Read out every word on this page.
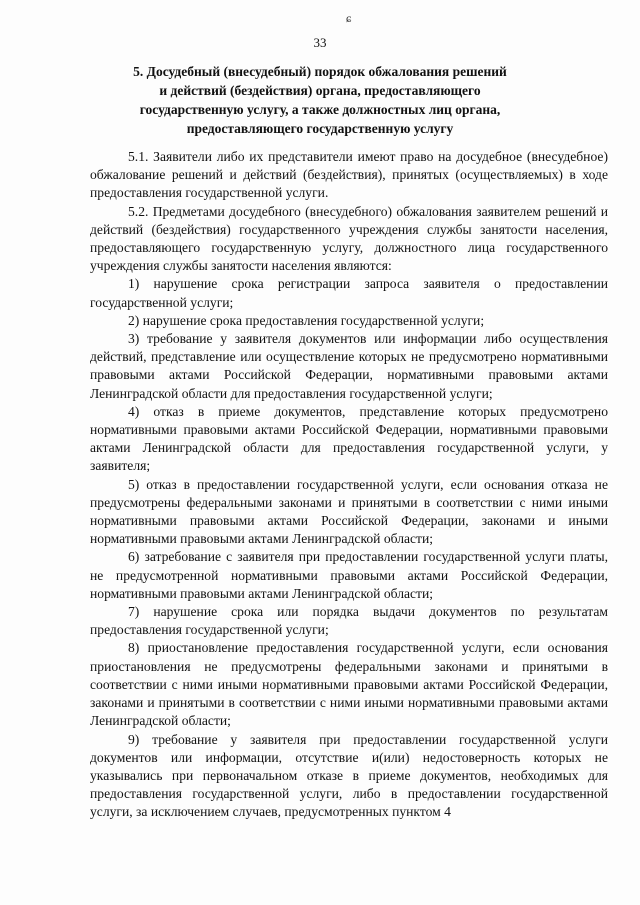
ɕ
33
5. Досудебный (внесудебный) порядок обжалования решений
и действий (бездействия) органа, предоставляющего
государственную услугу, а также должностных лиц органа,
предоставляющего государственную услугу

5.1. Заявители либо их представители имеют право на досудебное (внесудебное) обжалование решений и действий (бездействия), принятых (осуществляемых) в ходе предоставления государственной услуги.

5.2. Предметами досудебного (внесудебного) обжалования заявителем решений и действий (бездействия) государственного учреждения службы занятости населения, предоставляющего государственную услугу, должностного лица государственного учреждения службы занятости населения являются:

1) нарушение срока регистрации запроса заявителя о предоставлении государственной услуги;

2) нарушение срока предоставления государственной услуги;

3) требование у заявителя документов или информации либо осуществления действий, представление или осуществление которых не предусмотрено нормативными правовыми актами Российской Федерации, нормативными правовыми актами Ленинградской области для предоставления государственной услуги;

4) отказ в приеме документов, представление которых предусмотрено нормативными правовыми актами Российской Федерации, нормативными правовыми актами Ленинградской области для предоставления государственной услуги, у заявителя;

5) отказ в предоставлении государственной услуги, если основания отказа не предусмотрены федеральными законами и принятыми в соответствии с ними иными нормативными правовыми актами Российской Федерации, законами и иными нормативными правовыми актами Ленинградской области;

6) затребование с заявителя при предоставлении государственной услуги платы, не предусмотренной нормативными правовыми актами Российской Федерации, нормативными правовыми актами Ленинградской области;

7) нарушение срока или порядка выдачи документов по результатам предоставления государственной услуги;

8) приостановление предоставления государственной услуги, если основания приостановления не предусмотрены федеральными законами и принятыми в соответствии с ними иными нормативными правовыми актами Российской Федерации, законами и принятыми в соответствии с ними иными нормативными правовыми актами Ленинградской области;

9) требование у заявителя при предоставлении государственной услуги документов или информации, отсутствие и(или) недостоверность которых не указывались при первоначальном отказе в приеме документов, необходимых для предоставления государственной услуги, либо в предоставлении государственной услуги, за исключением случаев, предусмотренных пунктом 4
